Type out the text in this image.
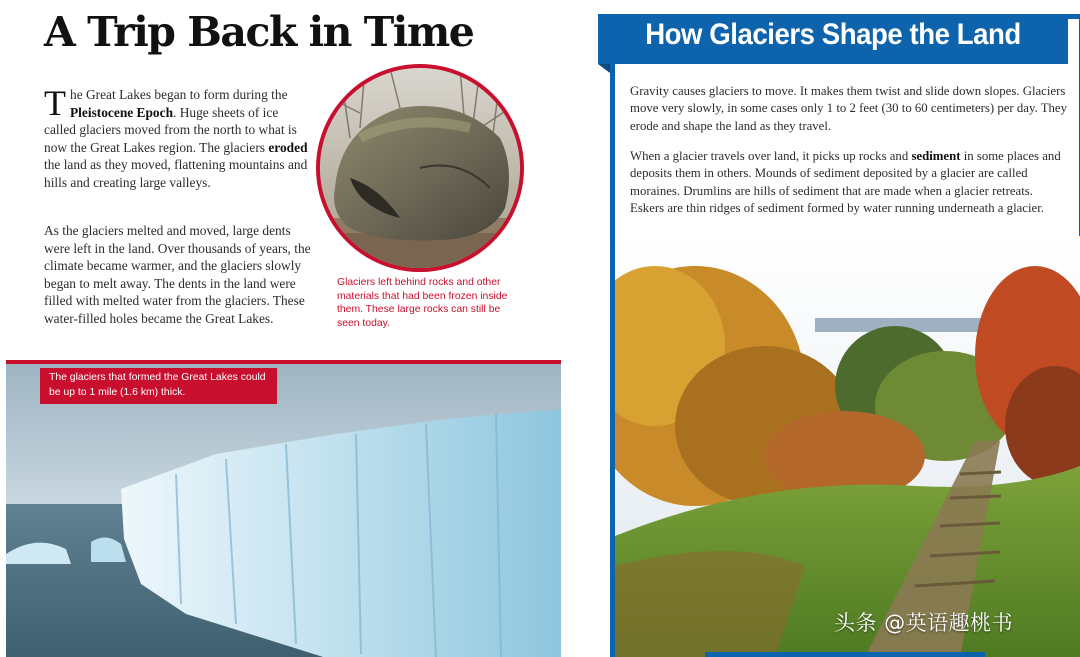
A Trip Back in Time

The Great Lakes began to form during the Pleistocene Epoch. Huge sheets of ice called glaciers moved from the north to what is now the Great Lakes region. The glaciers eroded the land as they moved, flattening mountains and hills and creating large valleys.

As the glaciers melted and moved, large dents were left in the land. Over thousands of years, the climate became warmer, and the glaciers slowly began to melt away. The dents in the land were filled with melted water from the glaciers. These water-filled holes became the Great Lakes.

Glaciers left behind rocks and other materials that had been frozen inside them. These large rocks can still be seen today.

The glaciers that formed the Great Lakes could be up to 1 mile (1.6 km) thick.

How Glaciers Shape the Land

Gravity causes glaciers to move. It makes them twist and slide down slopes. Glaciers move very slowly, in some cases only 1 to 2 feet (30 to 60 centimeters) per day. They erode and shape the land as they travel.

When a glacier travels over land, it picks up rocks and sediment in some places and deposits them in others. Mounds of sediment deposited by a glacier are called moraines. Drumlins are hills of sediment that are made when a glacier retreats. Eskers are thin ridges of sediment formed by water running underneath a glacier.

头条 @英语趣桃书
